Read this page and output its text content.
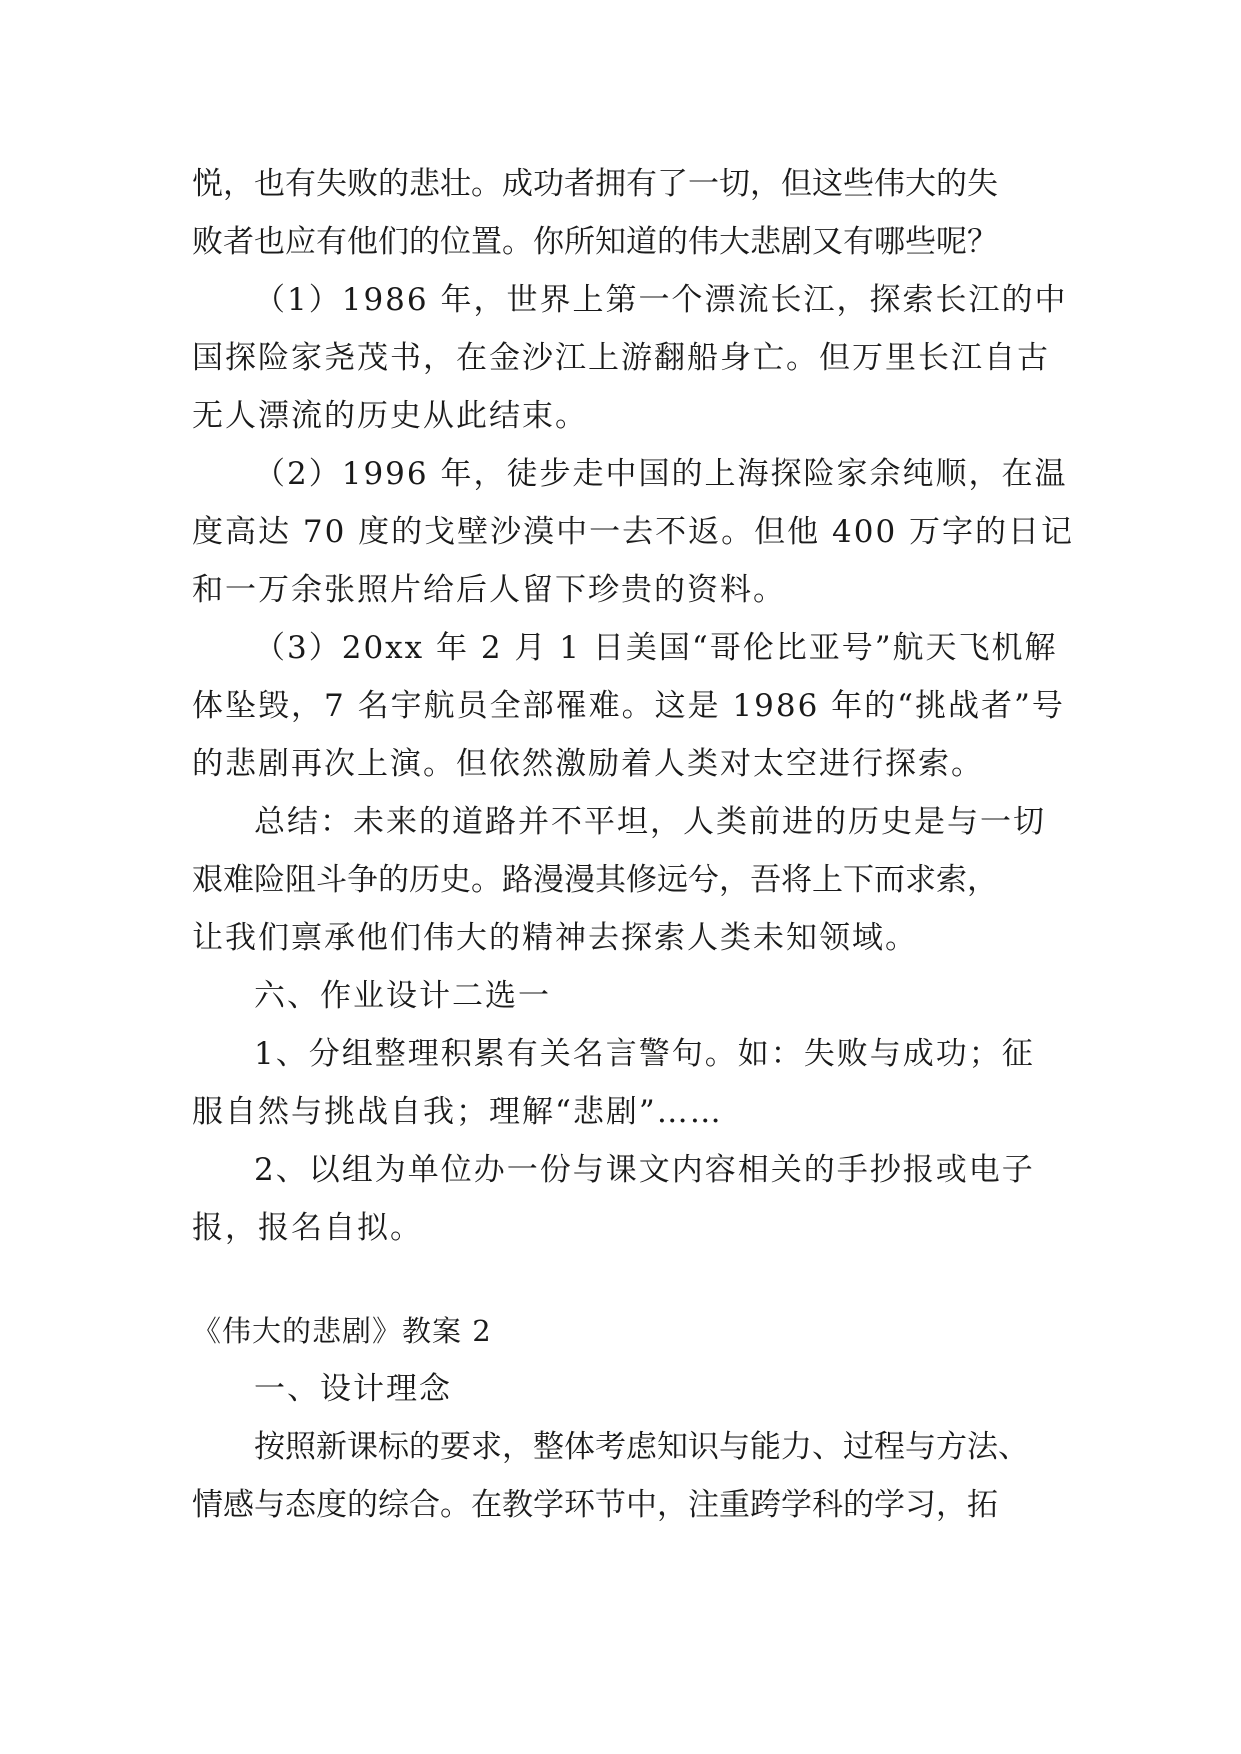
悦，也有失败的悲壮。成功者拥有了一切，但这些伟大的失
败者也应有他们的位置。你所知道的伟大悲剧又有哪些呢？
（1）1986 年，世界上第一个漂流长江，探索长江的中
国探险家尧茂书，在金沙江上游翻船身亡。但万里长江自古
无人漂流的历史从此结束。
（2）1996 年，徒步走中国的上海探险家余纯顺，在温
度高达 70 度的戈壁沙漠中一去不返。但他 400 万字的日记
和一万余张照片给后人留下珍贵的资料。
（3）20xx 年 2 月 1 日美国“哥伦比亚号”航天飞机解
体坠毁，7 名宇航员全部罹难。这是 1986 年的“挑战者”号
的悲剧再次上演。但依然激励着人类对太空进行探索。
总结：未来的道路并不平坦，人类前进的历史是与一切
艰难险阻斗争的历史。路漫漫其修远兮，吾将上下而求索，
让我们禀承他们伟大的精神去探索人类未知领域。
六、作业设计二选一
1、分组整理积累有关名言警句。如：失败与成功；征
服自然与挑战自我；理解“悲剧”……
2、以组为单位办一份与课文内容相关的手抄报或电子
报，报名自拟。
《伟大的悲剧》教案 2
一、设计理念
按照新课标的要求，整体考虑知识与能力、过程与方法、
情感与态度的综合。在教学环节中，注重跨学科的学习，拓
